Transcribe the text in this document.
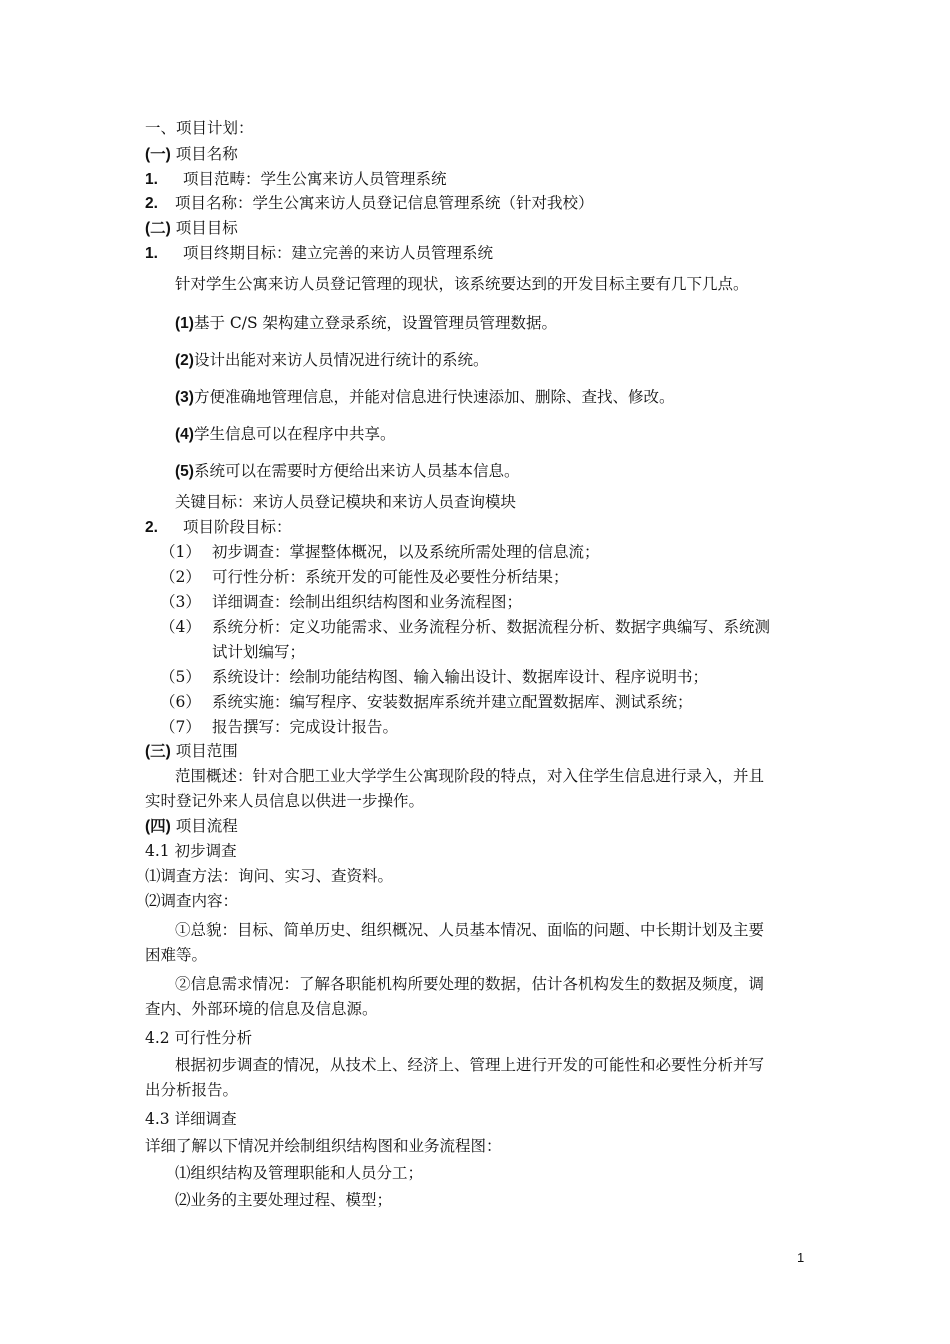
一、项目计划：
(一) 项目名称
1. 项目范畴：学生公寓来访人员管理系统
2. 项目名称：学生公寓来访人员登记信息管理系统（针对我校）
(二) 项目目标
1. 项目终期目标：建立完善的来访人员管理系统
针对学生公寓来访人员登记管理的现状，该系统要达到的开发目标主要有几下几点。
(1)基于 C/S 架构建立登录系统，设置管理员管理数据。
(2)设计出能对来访人员情况进行统计的系统。
(3)方便准确地管理信息，并能对信息进行快速添加、删除、查找、修改。
(4)学生信息可以在程序中共享。
(5)系统可以在需要时方便给出来访人员基本信息。
关键目标：来访人员登记模块和来访人员查询模块
2. 项目阶段目标：
（1） 初步调查：掌握整体概况，以及系统所需处理的信息流；
（2） 可行性分析：系统开发的可能性及必要性分析结果；
（3） 详细调查：绘制出组织结构图和业务流程图；
（4） 系统分析：定义功能需求、业务流程分析、数据流程分析、数据字典编写、系统测
试计划编写；
（5） 系统设计：绘制功能结构图、输入输出设计、数据库设计、程序说明书；
（6） 系统实施：编写程序、安装数据库系统并建立配置数据库、测试系统；
（7） 报告撰写：完成设计报告。
(三) 项目范围
范围概述：针对合肥工业大学学生公寓现阶段的特点，对入住学生信息进行录入，并且
实时登记外来人员信息以供进一步操作。
(四) 项目流程
4.1 初步调查
⑴调查方法：询问、实习、查资料。
⑵调查内容：
①总貌：目标、简单历史、组织概况、人员基本情况、面临的问题、中长期计划及主要
困难等。
②信息需求情况：了解各职能机构所要处理的数据，估计各机构发生的数据及频度，调
查内、外部环境的信息及信息源。
4.2 可行性分析
根据初步调查的情况，从技术上、经济上、管理上进行开发的可能性和必要性分析并写
出分析报告。
4.3 详细调查
详细了解以下情况并绘制组织结构图和业务流程图：
⑴组织结构及管理职能和人员分工；
⑵业务的主要处理过程、模型；
1
